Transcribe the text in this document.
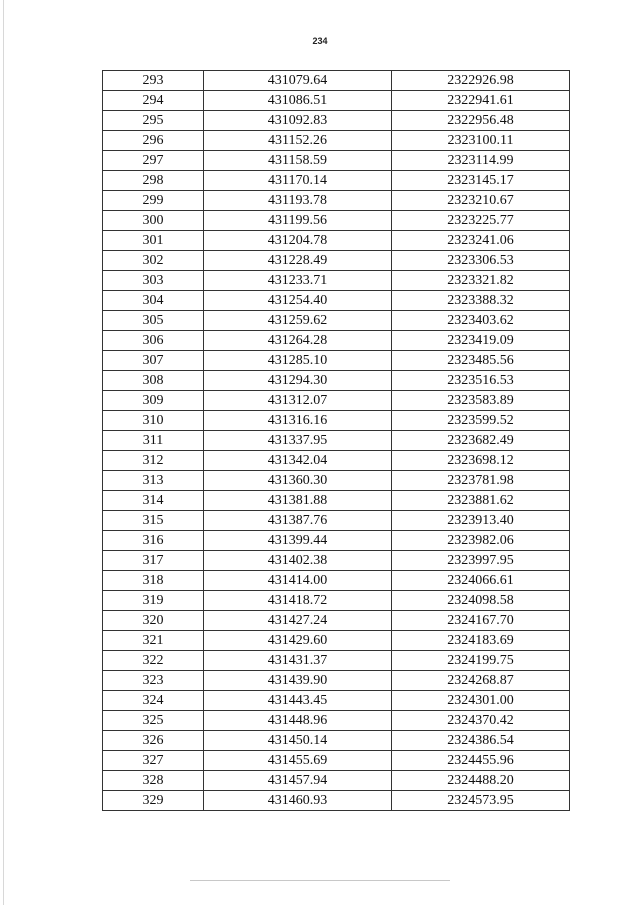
234
293	431079.64	2322926.98
294	431086.51	2322941.61
295	431092.83	2322956.48
296	431152.26	2323100.11
297	431158.59	2323114.99
298	431170.14	2323145.17
299	431193.78	2323210.67
300	431199.56	2323225.77
301	431204.78	2323241.06
302	431228.49	2323306.53
303	431233.71	2323321.82
304	431254.40	2323388.32
305	431259.62	2323403.62
306	431264.28	2323419.09
307	431285.10	2323485.56
308	431294.30	2323516.53
309	431312.07	2323583.89
310	431316.16	2323599.52
311	431337.95	2323682.49
312	431342.04	2323698.12
313	431360.30	2323781.98
314	431381.88	2323881.62
315	431387.76	2323913.40
316	431399.44	2323982.06
317	431402.38	2323997.95
318	431414.00	2324066.61
319	431418.72	2324098.58
320	431427.24	2324167.70
321	431429.60	2324183.69
322	431431.37	2324199.75
323	431439.90	2324268.87
324	431443.45	2324301.00
325	431448.96	2324370.42
326	431450.14	2324386.54
327	431455.69	2324455.96
328	431457.94	2324488.20
329	431460.93	2324573.95
